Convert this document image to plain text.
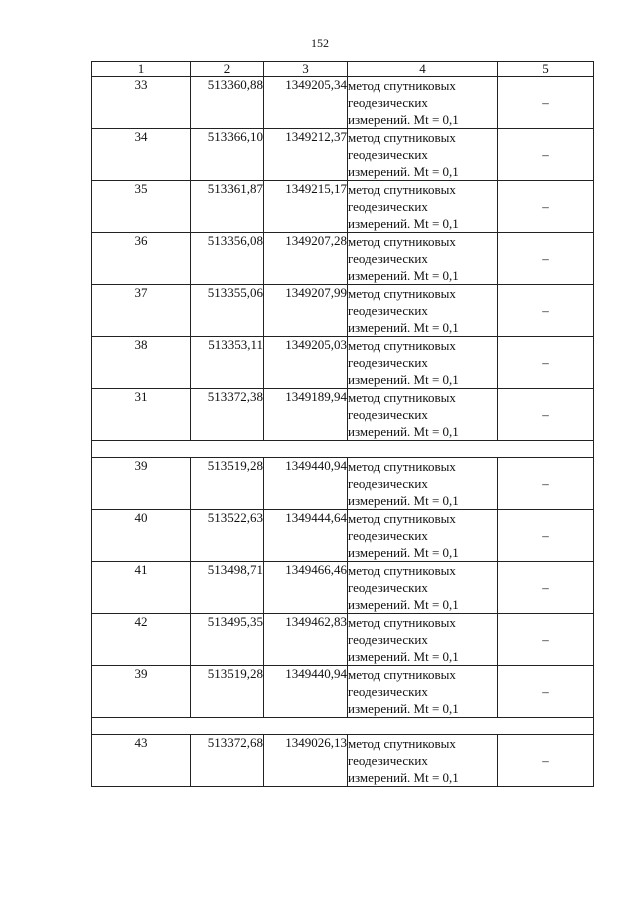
152
1	2	3	4	5
33	513360,88	1349205,34	метод спутниковых
геодезических
измерений. Mt = 0,1	–
34	513366,10	1349212,37	метод спутниковых
геодезических
измерений. Mt = 0,1	–
35	513361,87	1349215,17	метод спутниковых
геодезических
измерений. Mt = 0,1	–
36	513356,08	1349207,28	метод спутниковых
геодезических
измерений. Mt = 0,1	–
37	513355,06	1349207,99	метод спутниковых
геодезических
измерений. Mt = 0,1	–
38	513353,11	1349205,03	метод спутниковых
геодезических
измерений. Mt = 0,1	–
31	513372,38	1349189,94	метод спутниковых
геодезических
измерений. Mt = 0,1	–

39	513519,28	1349440,94	метод спутниковых
геодезических
измерений. Mt = 0,1	–
40	513522,63	1349444,64	метод спутниковых
геодезических
измерений. Mt = 0,1	–
41	513498,71	1349466,46	метод спутниковых
геодезических
измерений. Mt = 0,1	–
42	513495,35	1349462,83	метод спутниковых
геодезических
измерений. Mt = 0,1	–
39	513519,28	1349440,94	метод спутниковых
геодезических
измерений. Mt = 0,1	–

43	513372,68	1349026,13	метод спутниковых
геодезических
измерений. Mt = 0,1	–
